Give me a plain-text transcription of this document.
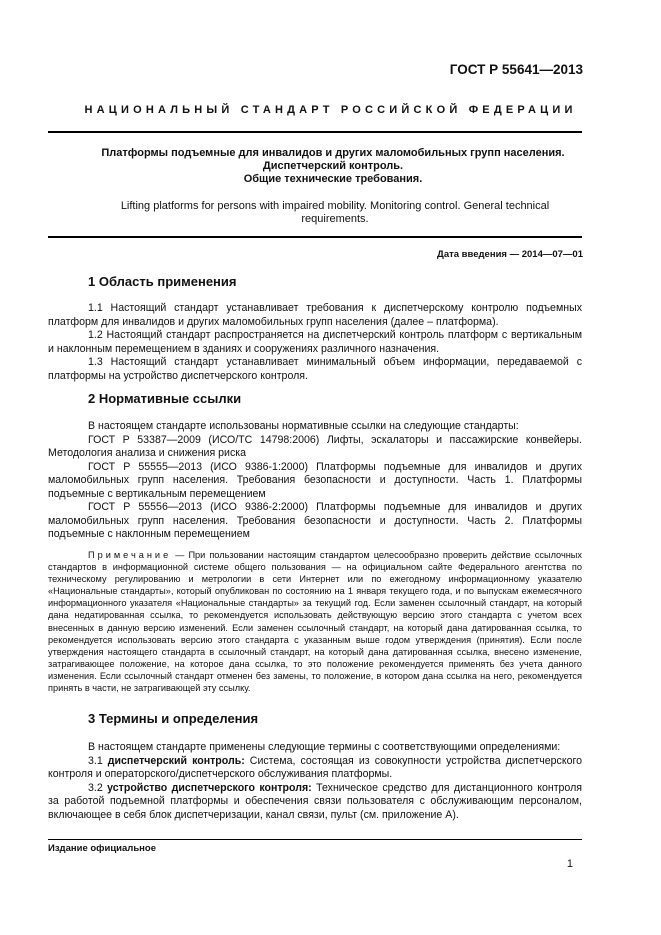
ГОСТ Р 55641—2013
НАЦИОНАЛЬНЫЙ СТАНДАРТ РОССИЙСКОЙ ФЕДЕРАЦИИ
Платформы подъемные для инвалидов и других маломобильных групп населения.
Диспетчерский контроль.
Общие технические требования.
Lifting platforms for persons with impaired mobility. Monitoring control. General technical
requirements.
Дата введения — 2014—07—01
1 Область применения

1.1 Настоящий стандарт устанавливает требования к диспетчерскому контролю подъемных платформ для инвалидов и других маломобильных групп населения (далее – платформа).

1.2 Настоящий стандарт распространяется на диспетчерский контроль платформ с вертикальным и наклонным перемещением в зданиях и сооружениях различного назначения.

1.3 Настоящий стандарт устанавливает минимальный объем информации, передаваемой с платформы на устройство диспетчерского контроля.

2 Нормативные ссылки

В настоящем стандарте использованы нормативные ссылки на следующие стандарты:

ГОСТ Р 53387—2009 (ИСО/ТС 14798:2006) Лифты, эскалаторы и пассажирские конвейеры. Методология анализа и снижения риска

ГОСТ Р 55555—2013 (ИСО 9386-1:2000) Платформы подъемные для инвалидов и других маломобильных групп населения. Требования безопасности и доступности. Часть 1. Платформы подъемные с вертикальным перемещением

ГОСТ Р 55556—2013 (ИСО 9386-2:2000) Платформы подъемные для инвалидов и других маломобильных групп населения. Требования безопасности и доступности. Часть 2. Платформы подъемные с наклонным перемещением

Примечание — При пользовании настоящим стандартом целесообразно проверить действие ссылочных стандартов в информационной системе общего пользования — на официальном сайте Федерального агентства по техническому регулированию и метрологии в сети Интернет или по ежегодному информационному указателю «Национальные стандарты», который опубликован по состоянию на 1 января текущего года, и по выпускам ежемесячного информационного указателя «Национальные стандарты» за текущий год. Если заменен ссылочный стандарт, на который дана недатированная ссылка, то рекомендуется использовать действующую версию этого стандарта с учетом всех внесенных в данную версию изменений. Если заменен ссылочный стандарт, на который дана датированная ссылка, то рекомендуется использовать версию этого стандарта с указанным выше годом утверждения (принятия). Если после утверждения настоящего стандарта в ссылочный стандарт, на который дана датированная ссылка, внесено изменение, затрагивающее положение, на которое дана ссылка, то это положение рекомендуется применять без учета данного изменения. Если ссылочный стандарт отменен без замены, то положение, в котором дана ссылка на него, рекомендуется принять в части, не затрагивающей эту ссылку.

3 Термины и определения

В настоящем стандарте применены следующие термины с соответствующими определениями:

3.1 диспетчерский контроль: Система, состоящая из совокупности устройства диспетчерского контроля и операторского/диспетчерского обслуживания платформы.

3.2 устройство диспетчерского контроля: Техническое средство для дистанционного контроля за работой подъемной платформы и обеспечения связи пользователя с обслуживающим персоналом, включающее в себя блок диспетчеризации, канал связи, пульт (см. приложение А).

Издание официальное
1
